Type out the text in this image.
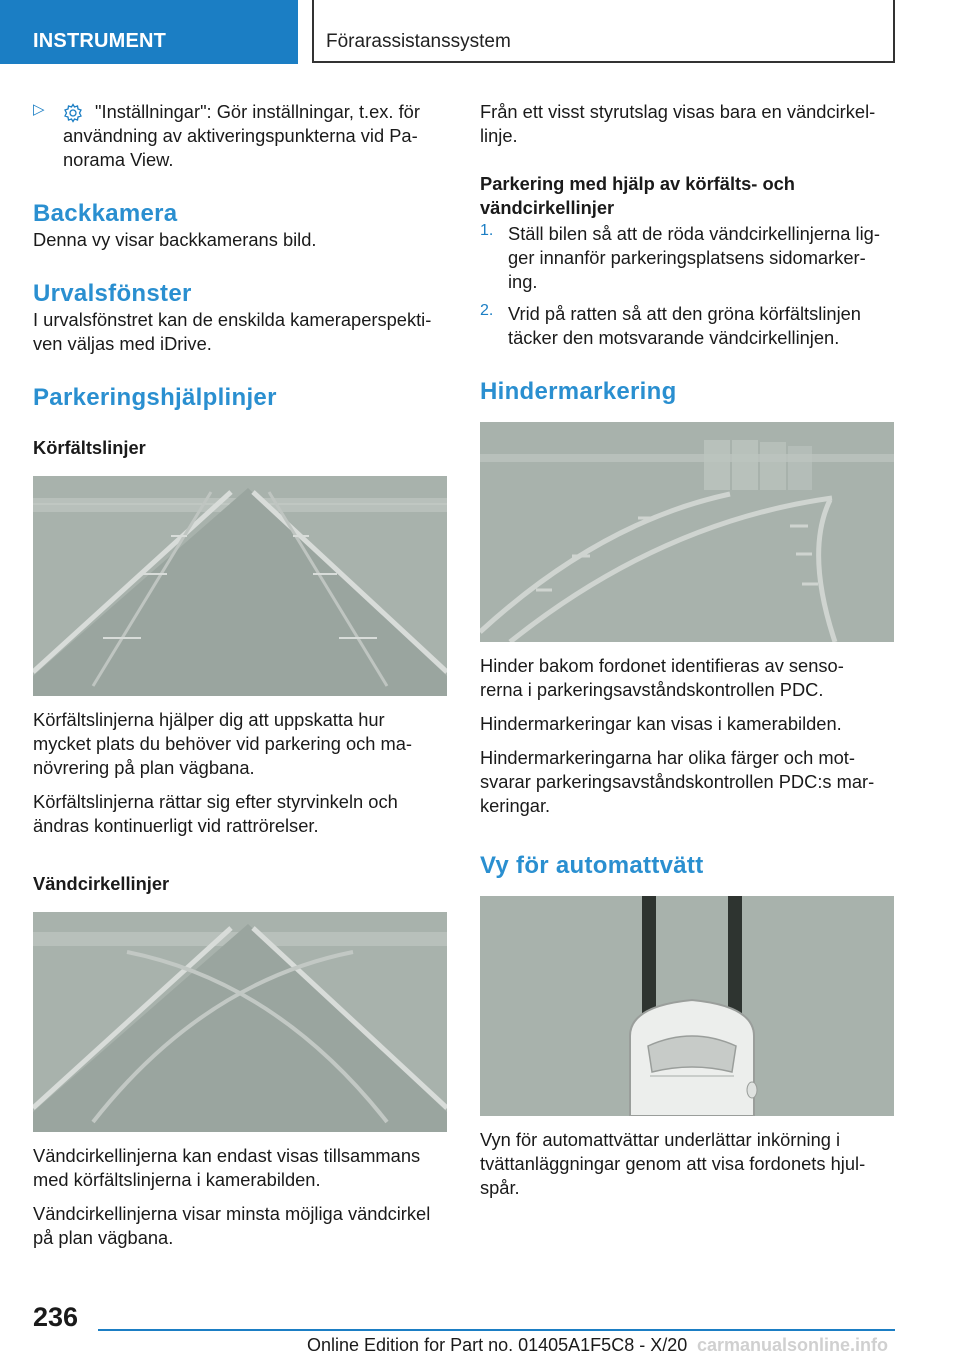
INSTRUMENT	Förarassistanssystem
▷	"Inställningar": Gör inställningar, t.ex. för

användning av aktiveringspunkterna vid Pa-

norama View.

Backkamera

Denna vy visar backkamerans bild.

Urvalsfönster

I urvalsfönstret kan de enskilda kameraperspekti-

ven väljas med iDrive.

Parkeringshjälplinjer
Körfältslinjer

Körfältslinjerna hjälper dig att uppskatta hur

mycket plats du behöver vid parkering och ma-

növrering på plan vägbana.

Körfältslinjerna rättar sig efter styrvinkeln och

ändras kontinuerligt vid rattrörelser.

Vändcirkellinjer

Vändcirkellinjerna kan endast visas tillsammans

med körfältslinjerna i kamerabilden.

Vändcirkellinjerna visar minsta möjliga vändcirkel

på plan vägbana.

Från ett visst styrutslag visas bara en vändcirkel-

linje.

Parkering med hjälp av körfälts- och
vändcirkellinjer
1. Ställ bilen så att de röda vändcirkellinjerna lig-

ger innanför parkeringsplatsens sidomarker-

ing.

2. Vrid på ratten så att den gröna körfältslinjen

täcker den motsvarande vändcirkellinjen.

Hindermarkering

Hinder bakom fordonet identifieras av senso-

rerna i parkeringsavståndskontrollen PDC.

Hindermarkeringar kan visas i kamerabilden.

Hindermarkeringarna har olika färger och mot-

svarar parkeringsavståndskontrollen PDC:s mar-

keringar.

Vy för automattvätt

Vyn för automattvättar underlättar inkörning i

tvättanläggningar genom att visa fordonets hjul-

spår.

236
Online Edition for Part no. 01405A1F5C8 - X/20 carmanualsonline.info
